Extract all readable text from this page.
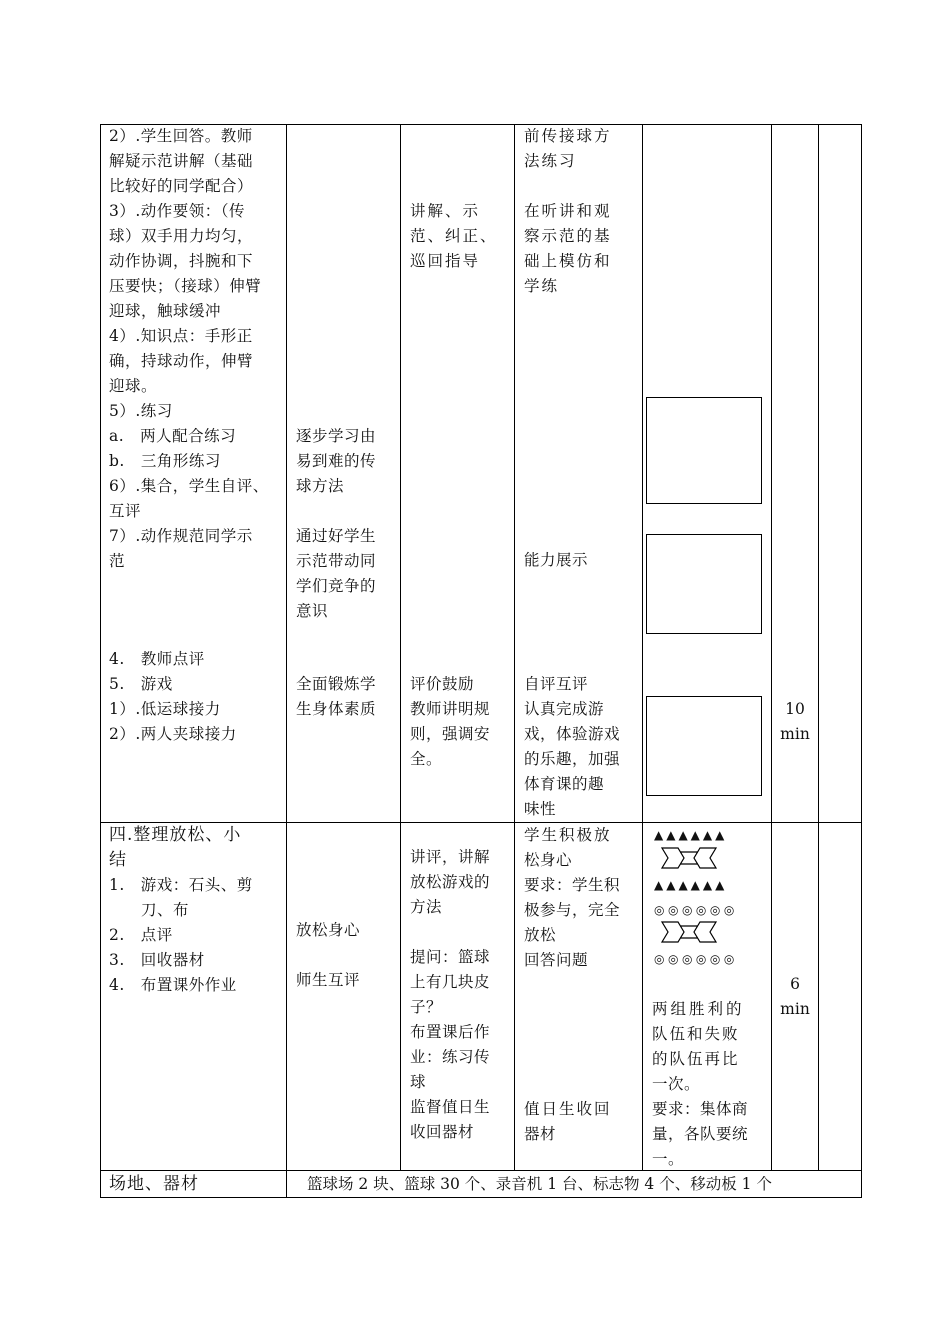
2）.学生回答。教师
解疑示范讲解（基础
比较好的同学配合）
3）.动作要领：（传
球）双手用力均匀，
动作协调，抖腕和下
压要快；（接球）伸臂
迎球，触球缓冲
4）.知识点：手形正
确，持球动作，伸臂
迎球。
5）.练习
a.　两人配合练习
b.　三角形练习
6）.集合，学生自评、
互评
7）.动作规范同学示
范
4.　教师点评
5.　游戏
1）.低运球接力
2）.两人夹球接力
逐步学习由
易到难的传
球方法
通过好学生
示范带动同
学们竞争的
意识
全面锻炼学
生身体素质
讲解、示
范、纠正、
巡回指导
评价鼓励
教师讲明规
则，强调安
全。
前传接球方
法练习
在听讲和观
察示范的基
础上模仿和
学练
能力展示
自评互评
认真完成游
戏，体验游戏
的乐趣，加强
体育课的趣
味性
10
min
四.整理放松、小
结
1.　游戏：石头、剪
　　刀、布
2.　点评
3.　回收器材
4.　布置课外作业
放松身心
师生互评
讲评，讲解
放松游戏的
方法
提问：篮球
上有几块皮
子？
布置课后作
业：练习传
球
监督值日生
收回器材
学生积极放
松身心
要求：学生积
极参与，完全
放松
回答问题
值日生收回
器材
▲▲▲▲▲▲
▲▲▲▲▲▲
◎◎◎◎◎◎
◎◎◎◎◎◎
两组胜利的
队伍和失败
的队伍再比
一次。
要求：集体商
量，各队要统
一。
6
min
场地、器材	篮球场 2 块、篮球 30 个、录音机 1 台、标志物 4 个、移动板 1 个
